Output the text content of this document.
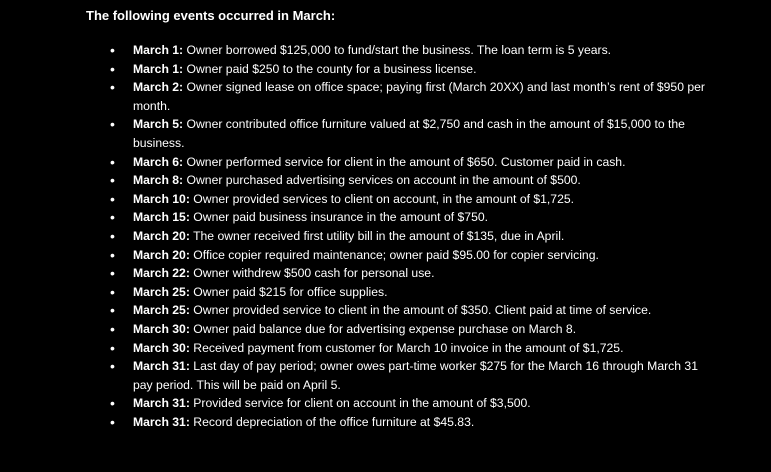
The following events occurred in March:
• March 1: Owner borrowed $125,000 to fund/start the business. The loan term is 5 years.
• March 1: Owner paid $250 to the county for a business license.
• March 2: Owner signed lease on office space; paying first (March 20XX) and last month’s rent of $950 per month.
• March 5: Owner contributed office furniture valued at $2,750 and cash in the amount of $15,000 to the business.
• March 6: Owner performed service for client in the amount of $650. Customer paid in cash.
• March 8: Owner purchased advertising services on account in the amount of $500.
• March 10: Owner provided services to client on account, in the amount of $1,725.
• March 15: Owner paid business insurance in the amount of $750.
• March 20: The owner received first utility bill in the amount of $135, due in April.
• March 20: Office copier required maintenance; owner paid $95.00 for copier servicing.
• March 22: Owner withdrew $500 cash for personal use.
• March 25: Owner paid $215 for office supplies.
• March 25: Owner provided service to client in the amount of $350. Client paid at time of service.
• March 30: Owner paid balance due for advertising expense purchase on March 8.
• March 30: Received payment from customer for March 10 invoice in the amount of $1,725.
• March 31: Last day of pay period; owner owes part-time worker $275 for the March 16 through March 31 pay period. This will be paid on April 5.
• March 31: Provided service for client on account in the amount of $3,500.
• March 31: Record depreciation of the office furniture at $45.83.
